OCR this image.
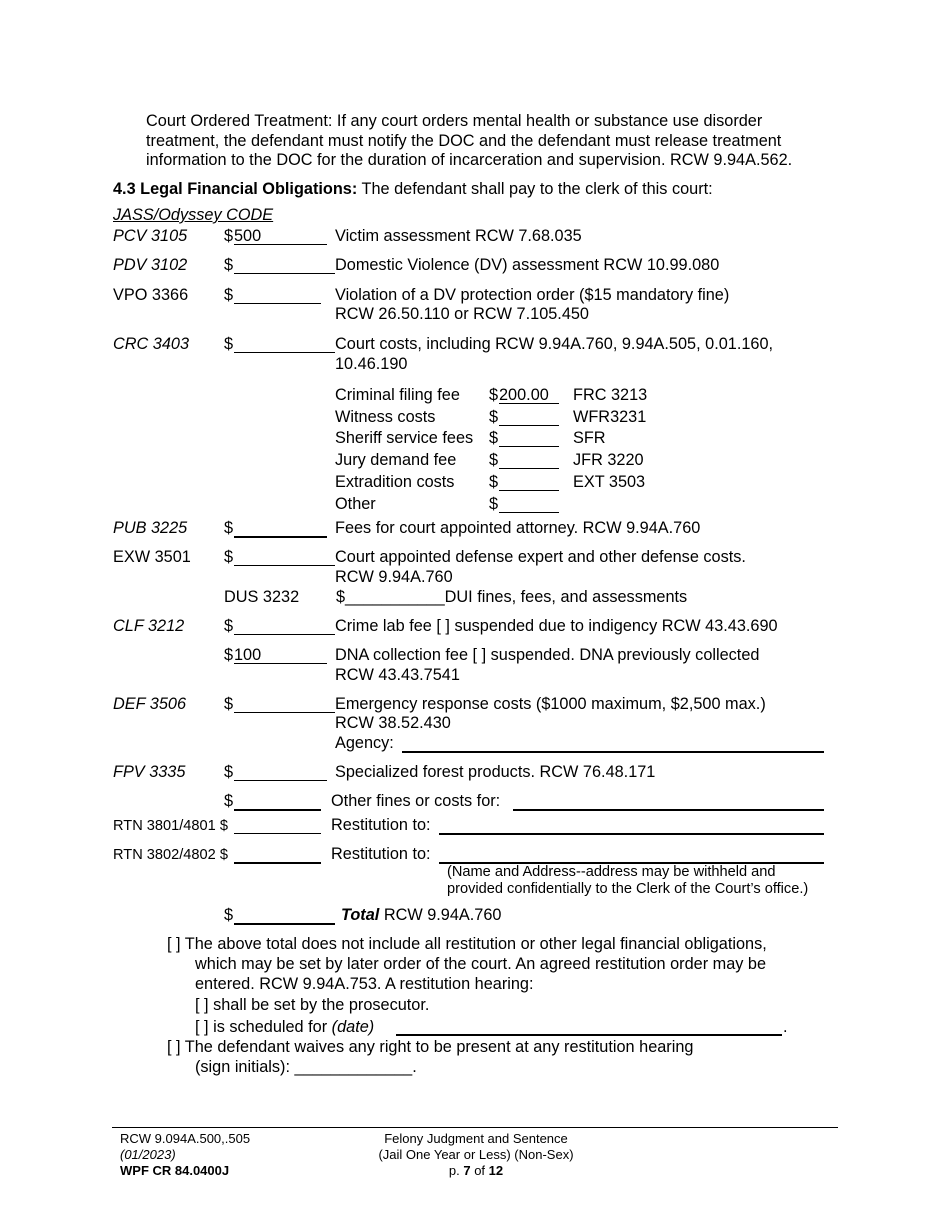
Court Ordered Treatment: If any court orders mental health or substance use disorder
treatment, the defendant must notify the DOC and the defendant must release treatment
information to the DOC for the duration of incarceration and supervision. RCW 9.94A.562.
4.3 Legal Financial Obligations: The defendant shall pay to the clerk of this court:
JASS/Odyssey CODE
PCV 3105 $ 500	Victim assessment RCW 7.68.035
PDV 3102 $	Domestic Violence (DV) assessment RCW 10.99.080
VPO 3366 $	Violation of a DV protection order ($15 mandatory fine)
RCW 26.50.110 or RCW 7.105.450
CRC 3403 $	Court costs, including RCW 9.94A.760, 9.94A.505, 0.01.160,
10.46.190
Criminal filing fee $ 200.00 FRC 3213
Witness costs	$	WFR3231
Sheriff service fees $	SFR
Jury demand fee $	JFR 3220
Extradition costs $	EXT 3503
Other	$
PUB 3225 $	Fees for court appointed attorney. RCW 9.94A.760
EXW 3501 $	Court appointed defense expert and other defense costs.
RCW 9.94A.760
DUS 3232 $___________DUI fines, fees, and assessments
CLF 3212 $	Crime lab fee [ ] suspended due to indigency RCW 43.43.690
$ 100	DNA collection fee [ ] suspended. DNA previously collected
RCW 43.43.7541
DEF 3506 $	Emergency response costs ($1000 maximum, $2,500 max.)
RCW 38.52.430
Agency:
FPV 3335 $	Specialized forest products. RCW 76.48.171
$	Other fines or costs for:
RTN 3801/4801 $	Restitution to:
RTN 3802/4802 $	Restitution to:
(Name and Address--address may be withheld and
provided confidentially to the Clerk of the Court’s office.)
$	Total RCW 9.94A.760
[ ] The above total does not include all restitution or other legal financial obligations,
which may be set by later order of the court. An agreed restitution order may be
entered. RCW 9.94A.753. A restitution hearing:
[ ] shall be set by the prosecutor.
[ ] is scheduled for (date)	.
[ ] The defendant waives any right to be present at any restitution hearing
(sign initials): _____________.
RCW 9.094A.500,.505
(01/2023)
WPF CR 84.0400J
Felony Judgment and Sentence
(Jail One Year or Less) (Non-Sex)
p. 7 of 12
